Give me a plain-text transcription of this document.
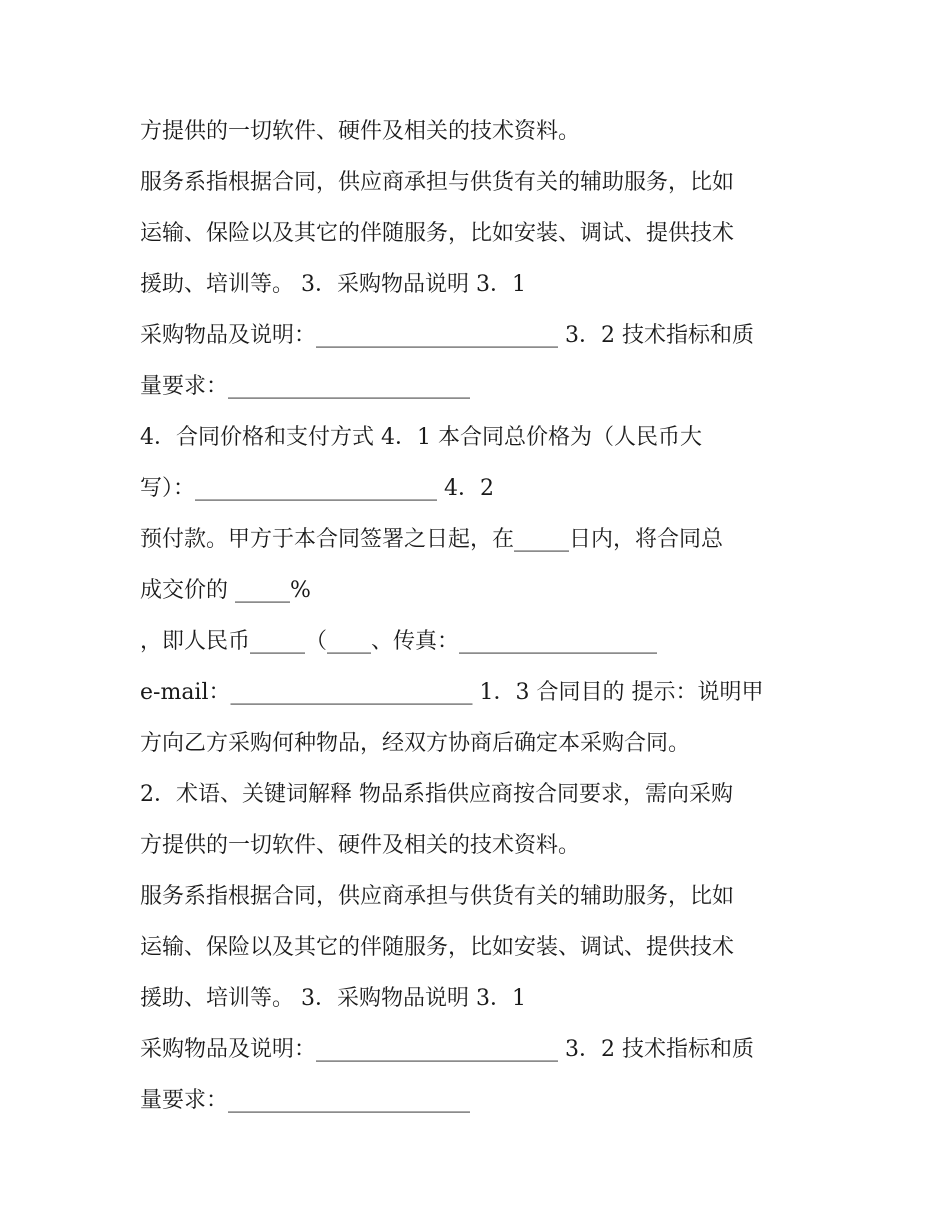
方提供的一切软件、硬件及相关的技术资料。
服务系指根据合同，供应商承担与供货有关的辅助服务，比如
运输、保险以及其它的伴随服务，比如安装、调试、提供技术
援助、培训等。 3．采购物品说明 3．1
采购物品及说明：______________________ 3．2 技术指标和质
量要求：______________________
4．合同价格和支付方式 4．1 本合同总价格为（人民币大
写）：______________________ 4．2
预付款。甲方于本合同签署之日起，在_____日内，将合同总
成交价的 _____%
，即人民币_____（____、传真：__________________
e-mail：______________________ 1．3 合同目的 提示：说明甲
方向乙方采购何种物品，经双方协商后确定本采购合同。
2．术语、关键词解释 物品系指供应商按合同要求，需向采购
方提供的一切软件、硬件及相关的技术资料。
服务系指根据合同，供应商承担与供货有关的辅助服务，比如
运输、保险以及其它的伴随服务，比如安装、调试、提供技术
援助、培训等。 3．采购物品说明 3．1
采购物品及说明：______________________ 3．2 技术指标和质
量要求：______________________
